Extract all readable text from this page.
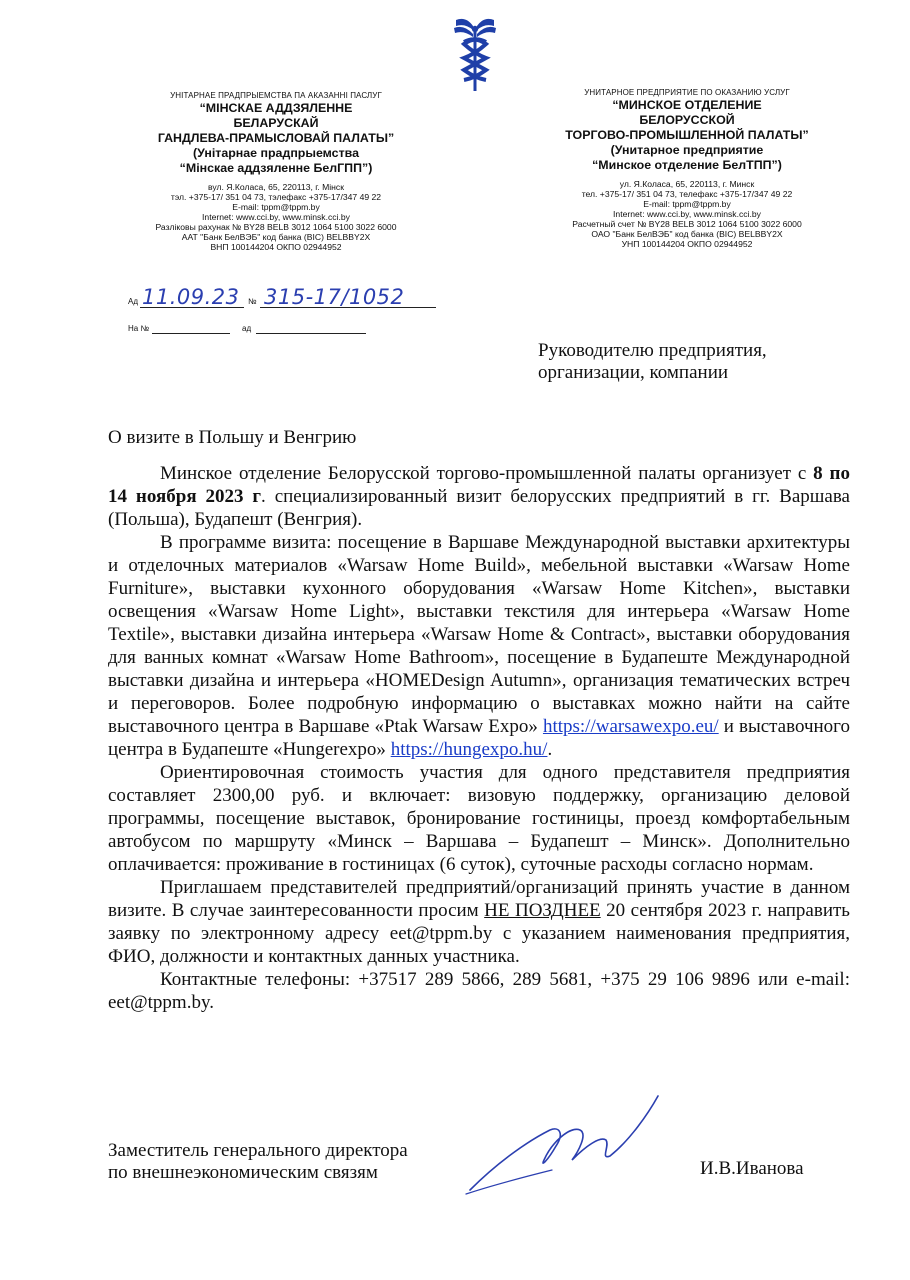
УНІТАРНАЕ ПРАДПРЫЕМСТВА ПА АКАЗАННІ ПАСЛУГ
“МІНСКАЕ АДДЗЯЛЕННЕ
БЕЛАРУСКАЙ
ГАНДЛЕВА-ПРАМЫСЛОВАЙ ПАЛАТЫ”
(Унітарнае прадпрыемства
“Мінскае аддзяленне БелГПП”)
вул. Я.Коласа, 65, 220113, г. Мінск
тэл. +375-17/ 351 04 73, тэлефакс +375-17/347 49 22
E-mail: tppm@tppm.by
Internet: www.cci.by, www.minsk.cci.by
Разліковы рахунак № BY28 BELB 3012 1064 5100 3022 6000
ААТ "Банк БелВЭБ" код банка (BIC) BELBBY2X
ВНП 100144204 ОКПО 02944952
УНИТАРНОЕ ПРЕДПРИЯТИЕ ПО ОКАЗАНИЮ УСЛУГ
“МИНСКОЕ ОТДЕЛЕНИЕ
БЕЛОРУССКОЙ
ТОРГОВО-ПРОМЫШЛЕННОЙ ПАЛАТЫ”
(Унитарное предприятие
“Минское отделение БелТПП”)
ул. Я.Коласа, 65, 220113, г. Минск
тел. +375-17/ 351 04 73, телефакс +375-17/347 49 22
E-mail: tppm@tppm.by
Internet: www.cci.by, www.minsk.cci.by
Расчетный счет № BY28 BELB 3012 1064 5100 3022 6000
ОАО "Банк БелВЭБ" код банка (BIC) BELBBY2X
УНП 100144204 ОКПО 02944952
Ад 11.09.23 № 315-17/1052
На №	ад
Руководителю предприятия,
организации, компании
О визите в Польшу и Венгрию

Минское отделение Белорусской торгово-промышленной палаты организует с 8 по 14 ноября 2023 г. специализированный визит белорусских предприятий в гг. Варшава (Польша), Будапешт (Венгрия).

В программе визита: посещение в Варшаве Международной выставки архитектуры и отделочных материалов «Warsaw Home Build», мебельной выставки «Warsaw Home Furniture», выставки кухонного оборудования «Warsaw Home Kitchen», выставки освещения «Warsaw Home Light», выставки текстиля для интерьера «Warsaw Home Textile», выставки дизайна интерьера «Warsaw Home & Contract», выставки оборудования для ванных комнат «Warsaw Home Bathroom», посещение в Будапеште Международной выставки дизайна и интерьера «HOMEDesign Autumn», организация тематических встреч и переговоров. Более подробную информацию о выставках можно найти на сайте выставочного центра в Варшаве «Ptak Warsaw Expo» https://warsawexpo.eu/ и выставочного центра в Будапеште «Hungerexpo» https://hungexpo.hu/.

Ориентировочная стоимость участия для одного представителя предприятия составляет 2300,00 руб. и включает: визовую поддержку, организацию деловой программы, посещение выставок, бронирование гостиницы, проезд комфортабельным автобусом по маршруту «Минск – Варшава – Будапешт – Минск». Дополнительно оплачивается: проживание в гостиницах (6 суток), суточные расходы согласно нормам.

Приглашаем представителей предприятий/организаций принять участие в данном визите. В случае заинтересованности просим НЕ ПОЗДНЕЕ 20 сентября 2023 г. направить заявку по электронному адресу eet@tppm.by с указанием наименования предприятия, ФИО, должности и контактных данных участника.

Контактные телефоны: +37517 289 5866, 289 5681, +375 29 106 9896 или e-mail: eet@tppm.by.

Заместитель генерального директора
по внешнеэкономическим связям	И.В.Иванова
